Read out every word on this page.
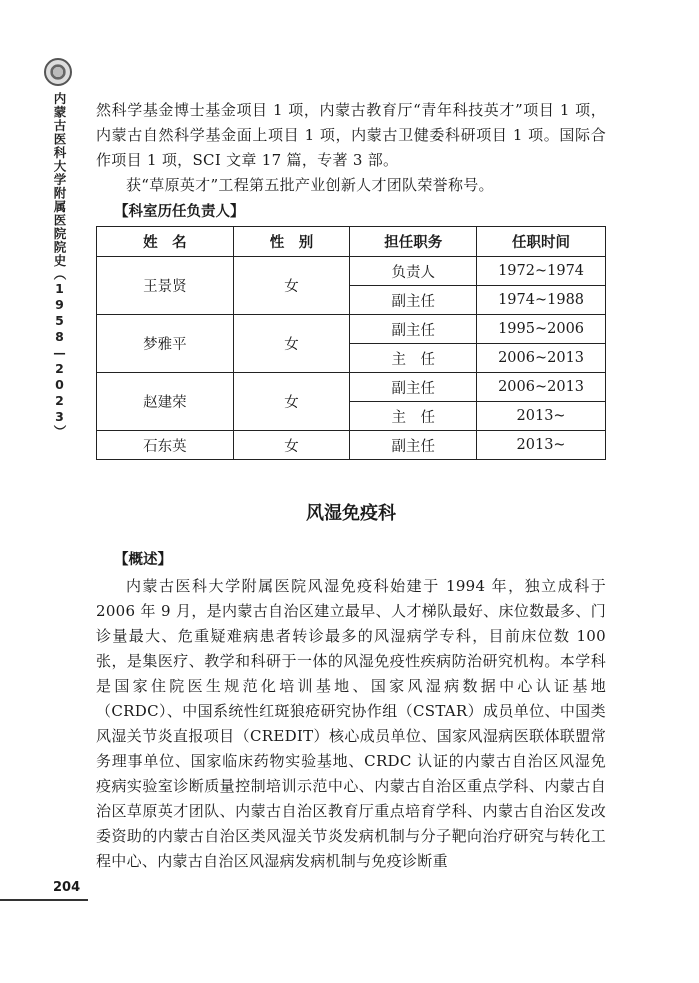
内蒙古医科大学附属医院院史（1958—2023）
204

然科学基金博士基金项目 1 项，内蒙古教育厅“青年科技英才”项目 1 项，内蒙古自然科学基金面上项目 1 项，内蒙古卫健委科研项目 1 项。国际合作项目 1 项，SCI 文章 17 篇，专著 3 部。

获“草原英才”工程第五批产业创新人才团队荣誉称号。

【科室历任负责人】
姓　名	性　别	担任职务	任职时间
王景贤	女	负责人	1972~1974
		副主任	1974~1988
梦雅平	女	副主任	1995~2006
		主　任	2006~2013
赵建荣	女	副主任	2006~2013
		主　任	2013~
石东英	女	副主任	2013~
风湿免疫科
【概述】

内蒙古医科大学附属医院风湿免疫科始建于 1994 年，独立成科于 2006 年 9 月，是内蒙古自治区建立最早、人才梯队最好、床位数最多、门诊量最大、危重疑难病患者转诊最多的风湿病学专科，目前床位数 100 张，是集医疗、教学和科研于一体的风湿免疫性疾病防治研究机构。本学科是国家住院医生规范化培训基地、国家风湿病数据中心认证基地（CRDC）、中国系统性红斑狼疮研究协作组（CSTAR）成员单位、中国类风湿关节炎直报项目（CREDIT）核心成员单位、国家风湿病医联体联盟常务理事单位、国家临床药物实验基地、CRDC 认证的内蒙古自治区风湿免疫病实验室诊断质量控制培训示范中心、内蒙古自治区重点学科、内蒙古自治区草原英才团队、内蒙古自治区教育厅重点培育学科、内蒙古自治区发改委资助的内蒙古自治区类风湿关节炎发病机制与分子靶向治疗研究与转化工程中心、内蒙古自治区风湿病发病机制与免疫诊断重
